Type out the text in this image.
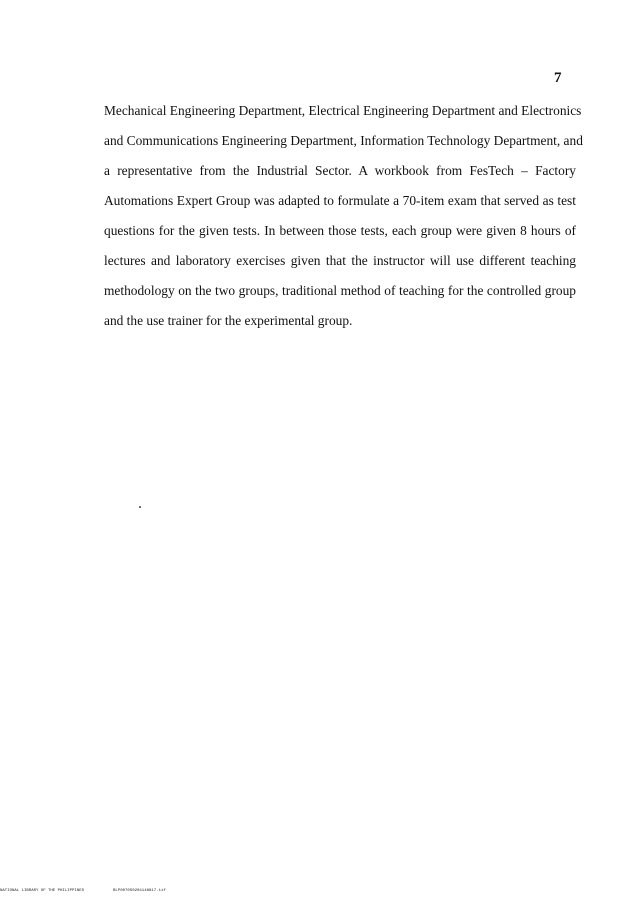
7
Mechanical Engineering Department, Electrical Engineering Department and Electronics
and Communications Engineering Department, Information Technology Department, and
a representative from the Industrial Sector. A workbook from FesTech – Factory
Automations Expert Group was adapted to formulate a 70-item exam that served as test
questions for the given tests. In between those tests, each group were given 8 hours of
lectures and laboratory exercises given that the instructor will use different teaching
methodology on the two groups, traditional method of teaching for the controlled group
and the use trainer for the experimental group.
NATIONAL LIBRARY OF THE PHILIPPINES	BLP0070S0204148817.tif
